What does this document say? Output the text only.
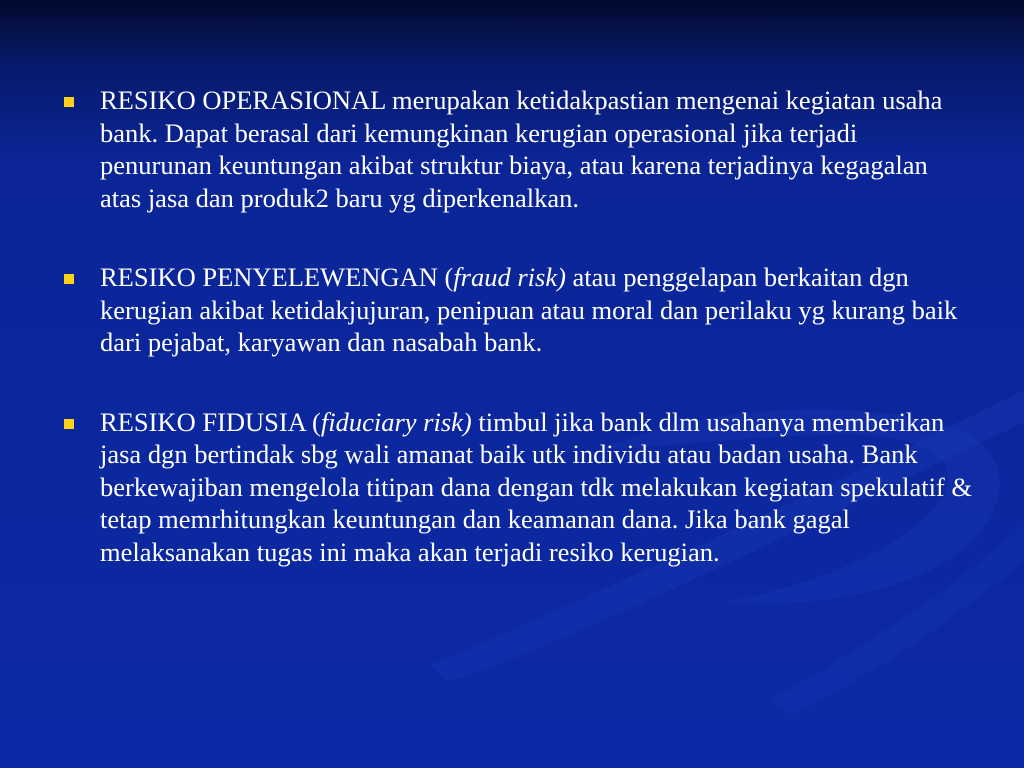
RESIKO OPERASIONAL merupakan ketidakpastian mengenai kegiatan usaha bank. Dapat berasal dari kemungkinan kerugian operasional jika terjadi penurunan keuntungan akibat struktur biaya, atau karena terjadinya kegagalan atas jasa dan produk2 baru yg diperkenalkan.

RESIKO PENYELEWENGAN (fraud risk) atau penggelapan berkaitan dgn kerugian akibat ketidakjujuran, penipuan atau moral dan perilaku yg kurang baik dari pejabat, karyawan dan nasabah bank.

RESIKO FIDUSIA (fiduciary risk) timbul jika bank dlm usahanya memberikan jasa dgn bertindak sbg wali amanat baik utk individu atau badan usaha. Bank berkewajiban mengelola titipan dana dengan tdk melakukan kegiatan spekulatif & tetap memrhitungkan keuntungan dan keamanan dana. Jika bank gagal melaksanakan tugas ini maka akan terjadi resiko kerugian.
